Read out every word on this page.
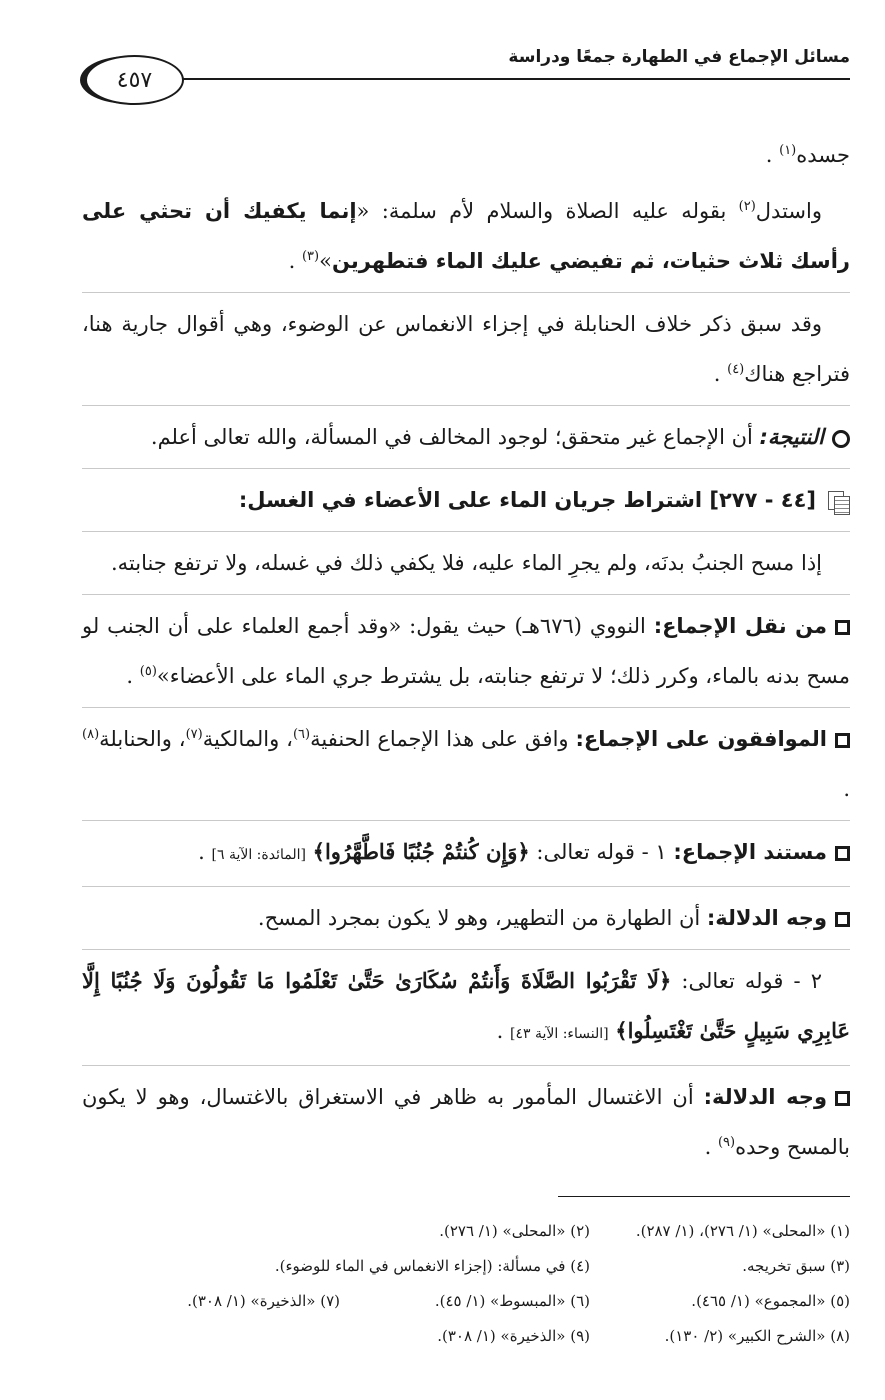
مسائل الإجماع في الطهارة جمعًا ودراسة
٤٥٧

جسده$^{(١)}$ .

واستدل$^{(٢)}$ بقوله عليه الصلاة والسلام لأم سلمة: «إنما يكفيك أن تحثي على رأسك ثلاث حثيات، ثم تفيضي عليك الماء فتطهرين»$^{(٣)}$ .

وقد سبق ذكر خلاف الحنابلة في إجزاء الانغماس عن الوضوء، وهي أقوال جارية هنا، فتراجع هناك$^{(٤)}$ .

النتيجة: أن الإجماع غير متحقق؛ لوجود المخالف في المسألة، والله تعالى أعلم.

[٤٤ - ٢٧٧] اشتراط جريان الماء على الأعضاء في الغسل:

إذا مسح الجنبُ بدنَه، ولم يجرِ الماء عليه، فلا يكفي ذلك في غسله، ولا ترتفع جنابته.

من نقل الإجماع: النووي (٦٧٦هـ) حيث يقول: «وقد أجمع العلماء على أن الجنب لو مسح بدنه بالماء، وكرر ذلك؛ لا ترتفع جنابته، بل يشترط جري الماء على الأعضاء»$^{(٥)}$ .

الموافقون على الإجماع: وافق على هذا الإجماع الحنفية$^{(٦)}$، والمالكية$^{(٧)}$، والحنابلة$^{(٨)}$ .

مستند الإجماع: ١ - قوله تعالى: ﴿وَإِن كُنتُمْ جُنُبًا فَاطَّهَّرُوا﴾ [المائدة: الآية ٦] .

وجه الدلالة: أن الطهارة من التطهير، وهو لا يكون بمجرد المسح.

٢ - قوله تعالى: ﴿لَا تَقْرَبُوا الصَّلَاةَ وَأَنتُمْ سُكَارَىٰ حَتَّىٰ تَعْلَمُوا مَا تَقُولُونَ وَلَا جُنُبًا إِلَّا عَابِرِي سَبِيلٍ حَتَّىٰ تَغْتَسِلُوا﴾ [النساء: الآية ٤٣] .

وجه الدلالة: أن الاغتسال المأمور به ظاهر في الاستغراق بالاغتسال، وهو لا يكون بالمسح وحده$^{(٩)}$ .

(١) «المحلى» (١/ ٢٧٦)، (١/ ٢٨٧).
(٢) «المحلى» (١/ ٢٧٦).
(٣) سبق تخريجه.
(٤) في مسألة: (إجزاء الانغماس في الماء للوضوء).
(٥) «المجموع» (١/ ٤٦٥).
(٦) «المبسوط» (١/ ٤٥).
(٧) «الذخيرة» (١/ ٣٠٨).
(٨) «الشرح الكبير» (٢/ ١٣٠).
(٩) «الذخيرة» (١/ ٣٠٨).
